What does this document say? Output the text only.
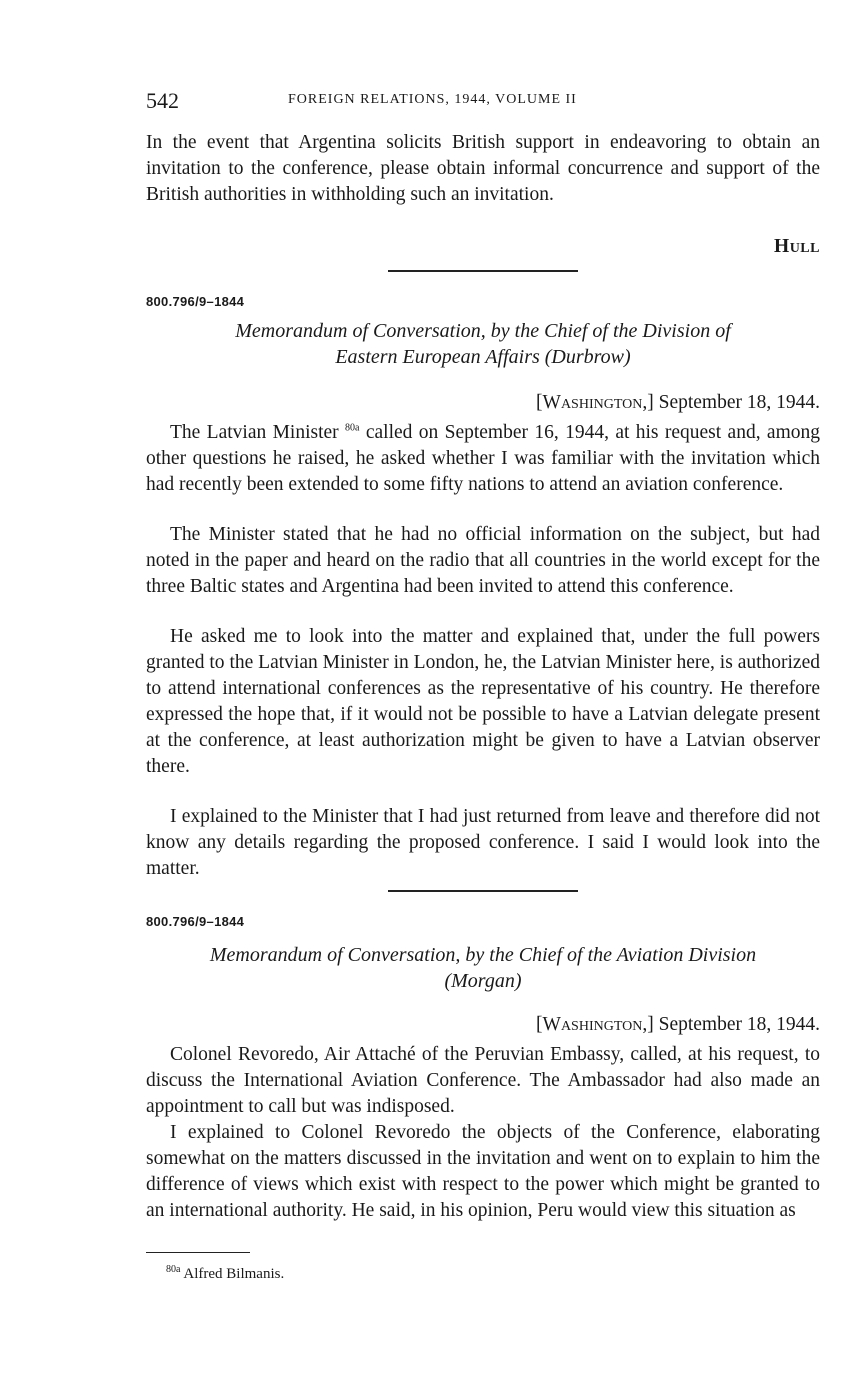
542	FOREIGN RELATIONS, 1944, VOLUME II

In the event that Argentina solicits British support in endeavoring to obtain an invitation to the conference, please obtain informal concurrence and support of the British authorities in withholding such an invitation.

Hull

800.796/9–1844

Memorandum of Conversation, by the Chief of the Division of

Eastern European Affairs (Durbrow)

[Washington,] September 18, 1944.

The Latvian Minister $^{80a}$ called on September 16, 1944, at his request and, among other questions he raised, he asked whether I was familiar with the invitation which had recently been extended to some fifty nations to attend an aviation conference.

The Minister stated that he had no official information on the subject, but had noted in the paper and heard on the radio that all countries in the world except for the three Baltic states and Argentina had been invited to attend this conference.

He asked me to look into the matter and explained that, under the full powers granted to the Latvian Minister in London, he, the Latvian Minister here, is authorized to attend international conferences as the representative of his country. He therefore expressed the hope that, if it would not be possible to have a Latvian delegate present at the conference, at least authorization might be given to have a Latvian observer there.

I explained to the Minister that I had just returned from leave and therefore did not know any details regarding the proposed conference. I said I would look into the matter.

800.796/9–1844

Memorandum of Conversation, by the Chief of the Aviation Division

(Morgan)

[Washington,] September 18, 1944.

Colonel Revoredo, Air Attaché of the Peruvian Embassy, called, at his request, to discuss the International Aviation Conference. The Ambassador had also made an appointment to call but was indisposed.

I explained to Colonel Revoredo the objects of the Conference, elaborating somewhat on the matters discussed in the invitation and went on to explain to him the difference of views which exist with respect to the power which might be granted to an international authority. He said, in his opinion, Peru would view this situation as

$^{80a}$ Alfred Bilmanis.
